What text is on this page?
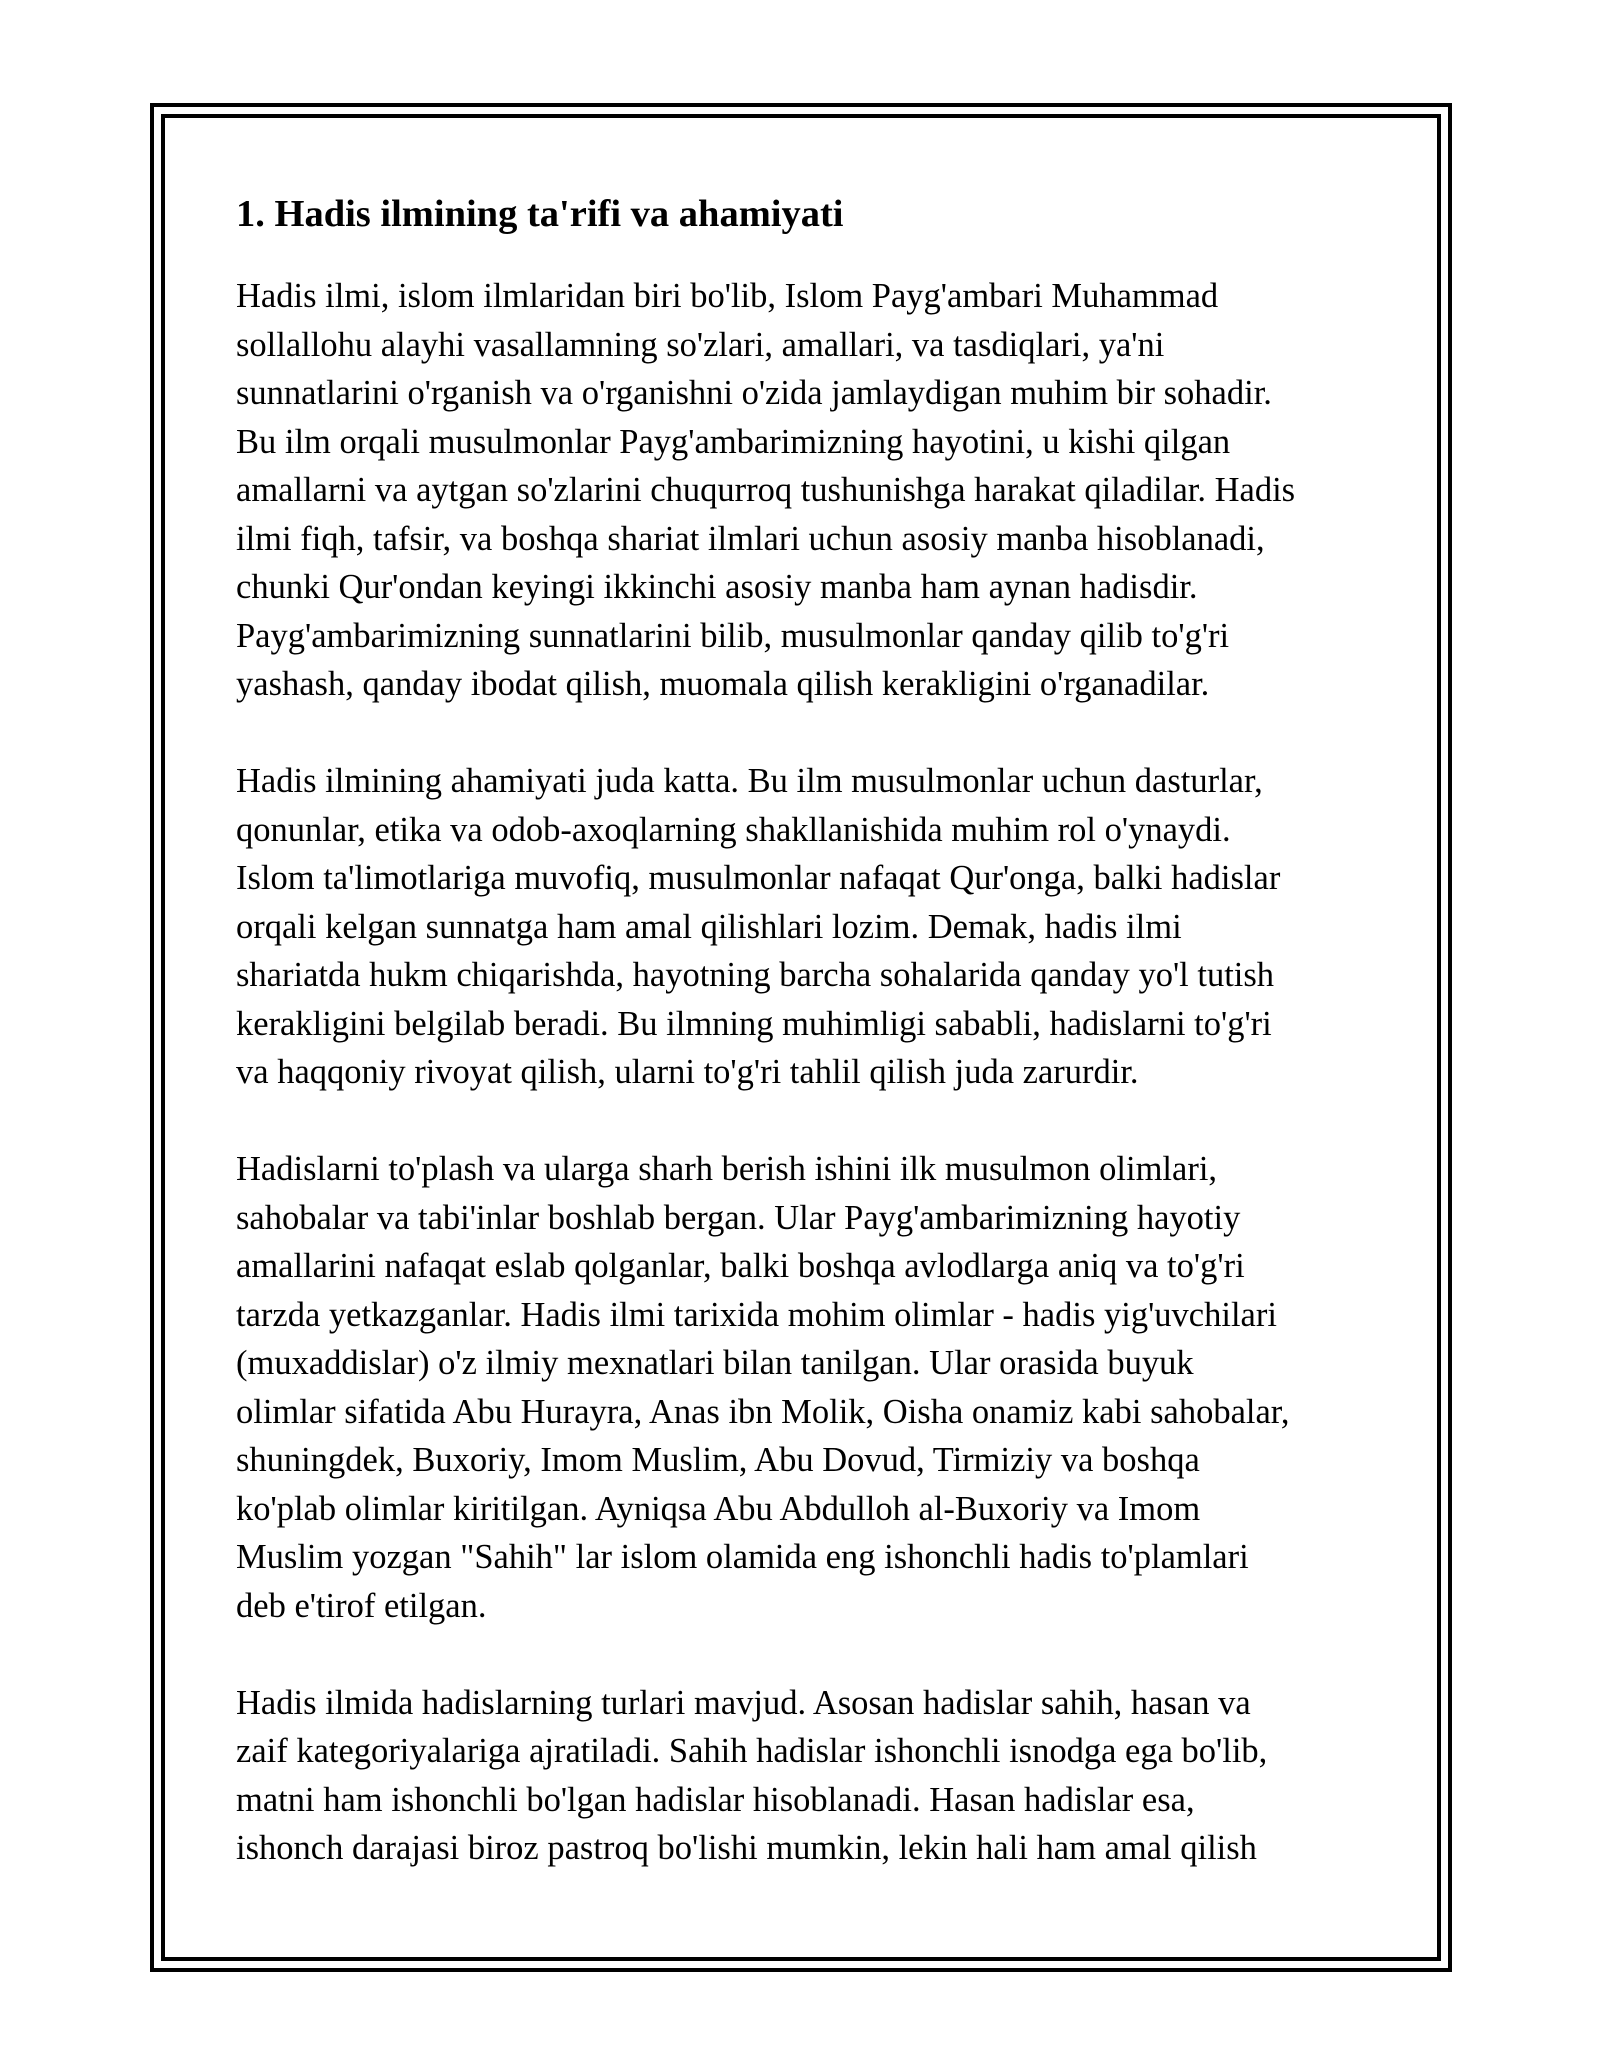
1. Hadis ilmining ta'rifi va ahamiyati

Hadis ilmi, islom ilmlaridan biri bo'lib, Islom Payg'ambari Muhammad
sollallohu alayhi vasallamning so'zlari, amallari, va tasdiqlari, ya'ni
sunnatlarini o'rganish va o'rganishni o'zida jamlaydigan muhim bir sohadir.
Bu ilm orqali musulmonlar Payg'ambarimizning hayotini, u kishi qilgan
amallarni va aytgan so'zlarini chuqurroq tushunishga harakat qiladilar. Hadis
ilmi fiqh, tafsir, va boshqa shariat ilmlari uchun asosiy manba hisoblanadi,
chunki Qur'ondan keyingi ikkinchi asosiy manba ham aynan hadisdir.
Payg'ambarimizning sunnatlarini bilib, musulmonlar qanday qilib to'g'ri
yashash, qanday ibodat qilish, muomala qilish kerakligini o'rganadilar.

Hadis ilmining ahamiyati juda katta. Bu ilm musulmonlar uchun dasturlar,
qonunlar, etika va odob-axoqlarning shakllanishida muhim rol o'ynaydi.
Islom ta'limotlariga muvofiq, musulmonlar nafaqat Qur'onga, balki hadislar
orqali kelgan sunnatga ham amal qilishlari lozim. Demak, hadis ilmi
shariatda hukm chiqarishda, hayotning barcha sohalarida qanday yo'l tutish
kerakligini belgilab beradi. Bu ilmning muhimligi sababli, hadislarni to'g'ri
va haqqoniy rivoyat qilish, ularni to'g'ri tahlil qilish juda zarurdir.

Hadislarni to'plash va ularga sharh berish ishini ilk musulmon olimlari,
sahobalar va tabi'inlar boshlab bergan. Ular Payg'ambarimizning hayotiy
amallarini nafaqat eslab qolganlar, balki boshqa avlodlarga aniq va to'g'ri
tarzda yetkazganlar. Hadis ilmi tarixida mohim olimlar - hadis yig'uvchilari
(muxaddislar) o'z ilmiy mexnatlari bilan tanilgan. Ular orasida buyuk
olimlar sifatida Abu Hurayra, Anas ibn Molik, Oisha onamiz kabi sahobalar,
shuningdek, Buxoriy, Imom Muslim, Abu Dovud, Tirmiziy va boshqa
ko'plab olimlar kiritilgan. Ayniqsa Abu Abdulloh al-Buxoriy va Imom
Muslim yozgan "Sahih" lar islom olamida eng ishonchli hadis to'plamlari
deb e'tirof etilgan.

Hadis ilmida hadislarning turlari mavjud. Asosan hadislar sahih, hasan va
zaif kategoriyalariga ajratiladi. Sahih hadislar ishonchli isnodga ega bo'lib,
matni ham ishonchli bo'lgan hadislar hisoblanadi. Hasan hadislar esa,
ishonch darajasi biroz pastroq bo'lishi mumkin, lekin hali ham amal qilish
